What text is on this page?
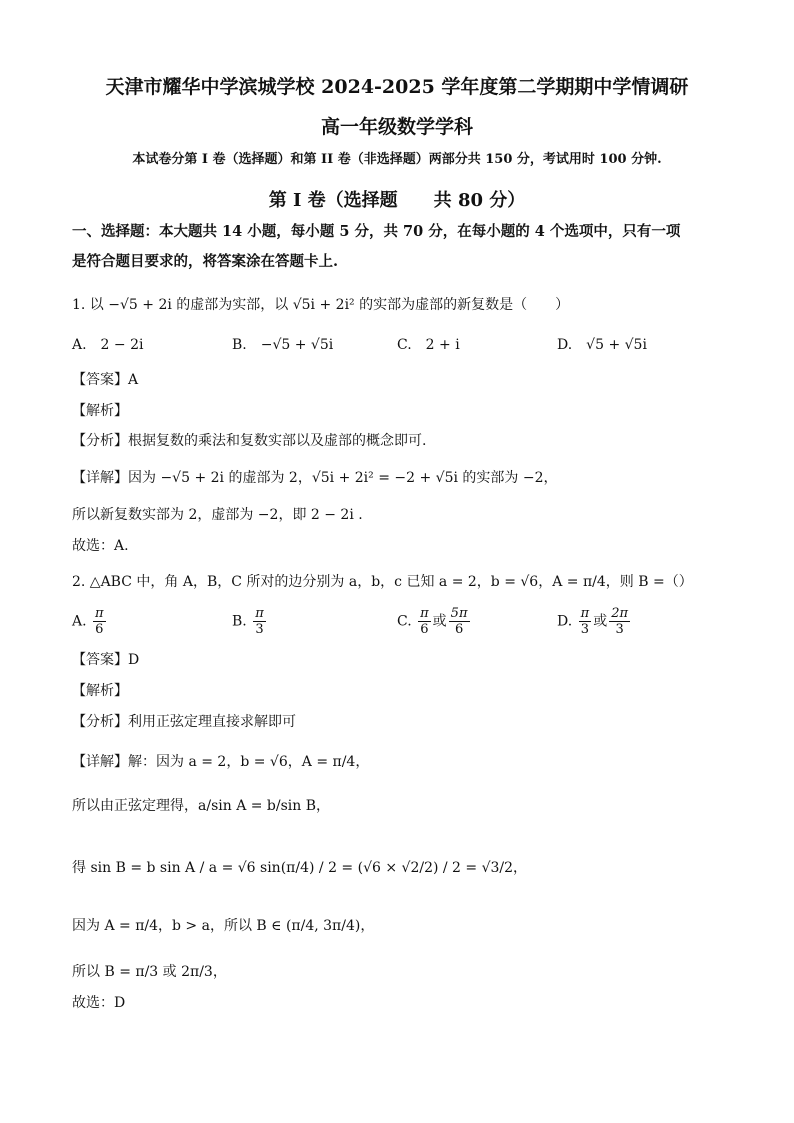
天津市耀华中学滨城学校 2024-2025 学年度第二学期期中学情调研
高一年级数学学科
本试卷分第 I 卷（选择题）和第 II 卷（非选择题）两部分共 150 分，考试用时 100 分钟.
第 I 卷（选择题　　共 80 分）
一、选择题：本大题共 14 小题，每小题 5 分，共 70 分，在每小题的 4 个选项中，只有一项
是符合题目要求的，将答案涂在答题卡上.
1. 以 −√5 + 2i 的虚部为实部，以 √5i + 2i² 的实部为虚部的新复数是（　　）
A.　2 − 2i	B.　−√5 + √5i	C.　2 + i	D.　√5 + √5i
【答案】A
【解析】
【分析】根据复数的乘法和复数实部以及虚部的概念即可.
【详解】因为 −√5 + 2i 的虚部为 2，√5i + 2i² = −2 + √5i 的实部为 −2，
所以新复数实部为 2，虚部为 −2，即 2 − 2i .
故选：A.
2. △ABC 中，角 A，B，C 所对的边分别为 a，b，c 已知 a = 2，b = √6，A = π/4，则 B =（）
A. $\frac{\pi}{6}$	B. $\frac{\pi}{3}$	C. $\frac{\pi}{6}$ 或 $\frac{5\pi}{6}$	D. $\frac{\pi}{3}$ 或 $\frac{2\pi}{3}$
【答案】D
【解析】
【分析】利用正弦定理直接求解即可
【详解】解：因为 a = 2，b = √6，A = π/4，
所以由正弦定理得，a/sin A = b/sin B，
得 sin B = b sin A / a = √6 sin(π/4) / 2 = (√6 × √2/2) / 2 = √3/2，
因为 A = π/4，b > a，所以 B ∈ (π/4, 3π/4)，
所以 B = π/3 或 2π/3，
故选：D
